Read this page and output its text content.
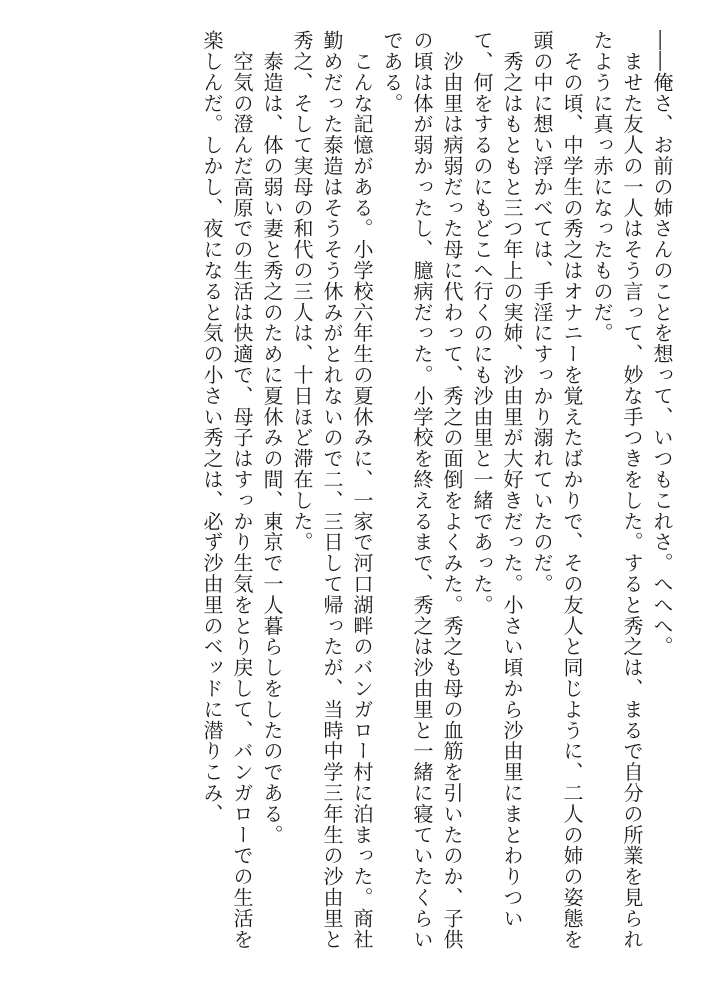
――俺さ、お前の姉さんのことを想って、いつもこれさ。へへへ。

　ませた友人の一人はそう言って、妙な手つきをした。すると秀之は、まるで自分の所業を見られたように真っ赤になったものだ。

　その頃、中学生の秀之はオナニーを覚えたばかりで、その友人と同じように、二人の姉の姿態を頭の中に想い浮かべては、手淫にすっかり溺れていたのだ。

　秀之はもともと三つ年上の実姉、沙由里が大好きだった。小さい頃から沙由里にまとわりついて、何をするのにもどこへ行くのにも沙由里と一緒であった。

　沙由里は病弱だった母に代わって、秀之の面倒をよくみた。秀之も母の血筋を引いたのか、子供の頃は体が弱かったし、臆病だった。小学校を終えるまで、秀之は沙由里と一緒に寝ていたくらいである。

　こんな記憶がある。小学校六年生の夏休みに、一家で河口湖畔のバンガロー村に泊まった。商社勤めだった泰造はそうそう休みがとれないので二、三日して帰ったが、当時中学三年生の沙由里と秀之、そして実母の和代の三人は、十日ほど滞在した。

　泰造は、体の弱い妻と秀之のために夏休みの間、東京で一人暮らしをしたのである。

　空気の澄んだ高原での生活は快適で、母子はすっかり生気をとり戻して、バンガローでの生活を楽しんだ。しかし、夜になると気の小さい秀之は、必ず沙由里のベッドに潜りこみ、
